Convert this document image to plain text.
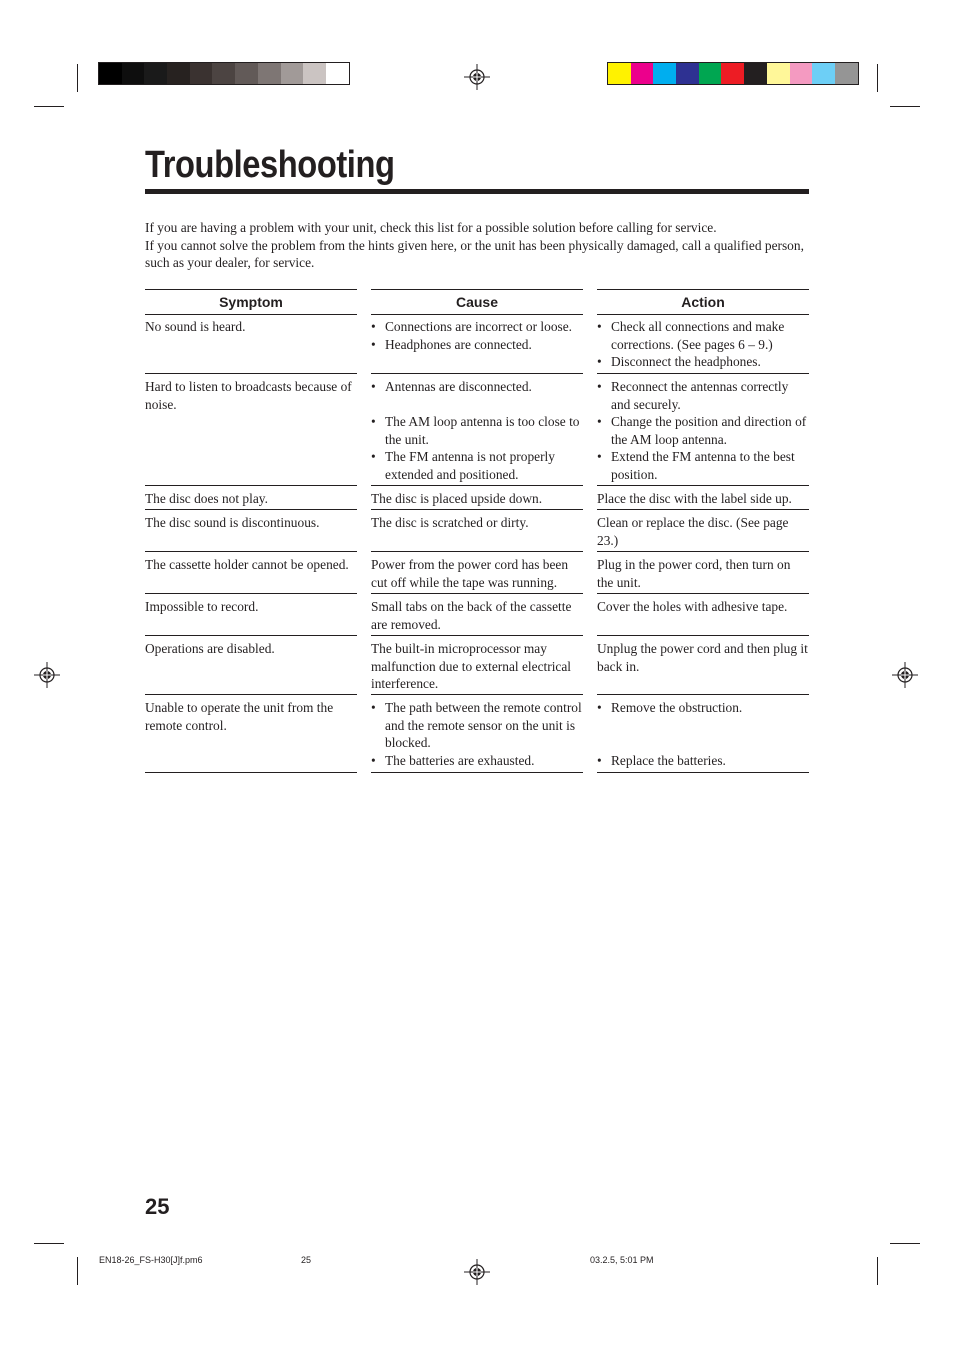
Troubleshooting

If you are having a problem with your unit, check this list for a possible solution before calling for service.

If you cannot solve the problem from the hints given here, or the unit has been physically damaged, call a qualified person, such as your dealer, for service.

Symptom
No sound is heard.
Hard to listen to broadcasts because of noise.
The disc does not play.
The disc sound is discontinuous.
The cassette holder cannot be opened.
Impossible to record.
Operations are disabled.
Unable to operate the unit from the remote control.
Cause
• Connections are incorrect or loose.
• Headphones are connected.
• Antennas are disconnected.
• The AM loop antenna is too close to the unit.
• The FM antenna is not properly extended and positioned.
The disc is placed upside down.
The disc is scratched or dirty.
Power from the power cord has been cut off while the tape was running.
Small tabs on the back of the cassette are removed.
The built-in microprocessor may malfunction due to external electrical interference.
• The path between the remote control and the remote sensor on the unit is blocked.
• The batteries are exhausted.
Action
• Check all connections and make corrections. (See pages 6 – 9.)
• Disconnect the headphones.
• Reconnect the antennas correctly and securely.
• Change the position and direction of the AM loop antenna.
• Extend the FM antenna to the best position.
Place the disc with the label side up.
Clean or replace the disc. (See page 23.)
Plug in the power cord, then turn on the unit.
Cover the holes with adhesive tape.
Unplug the power cord and then plug it back in.
• Remove the obstruction.
• Replace the batteries.
25
EN18-26_FS-H30[J]f.pm6	25	03.2.5, 5:01 PM
